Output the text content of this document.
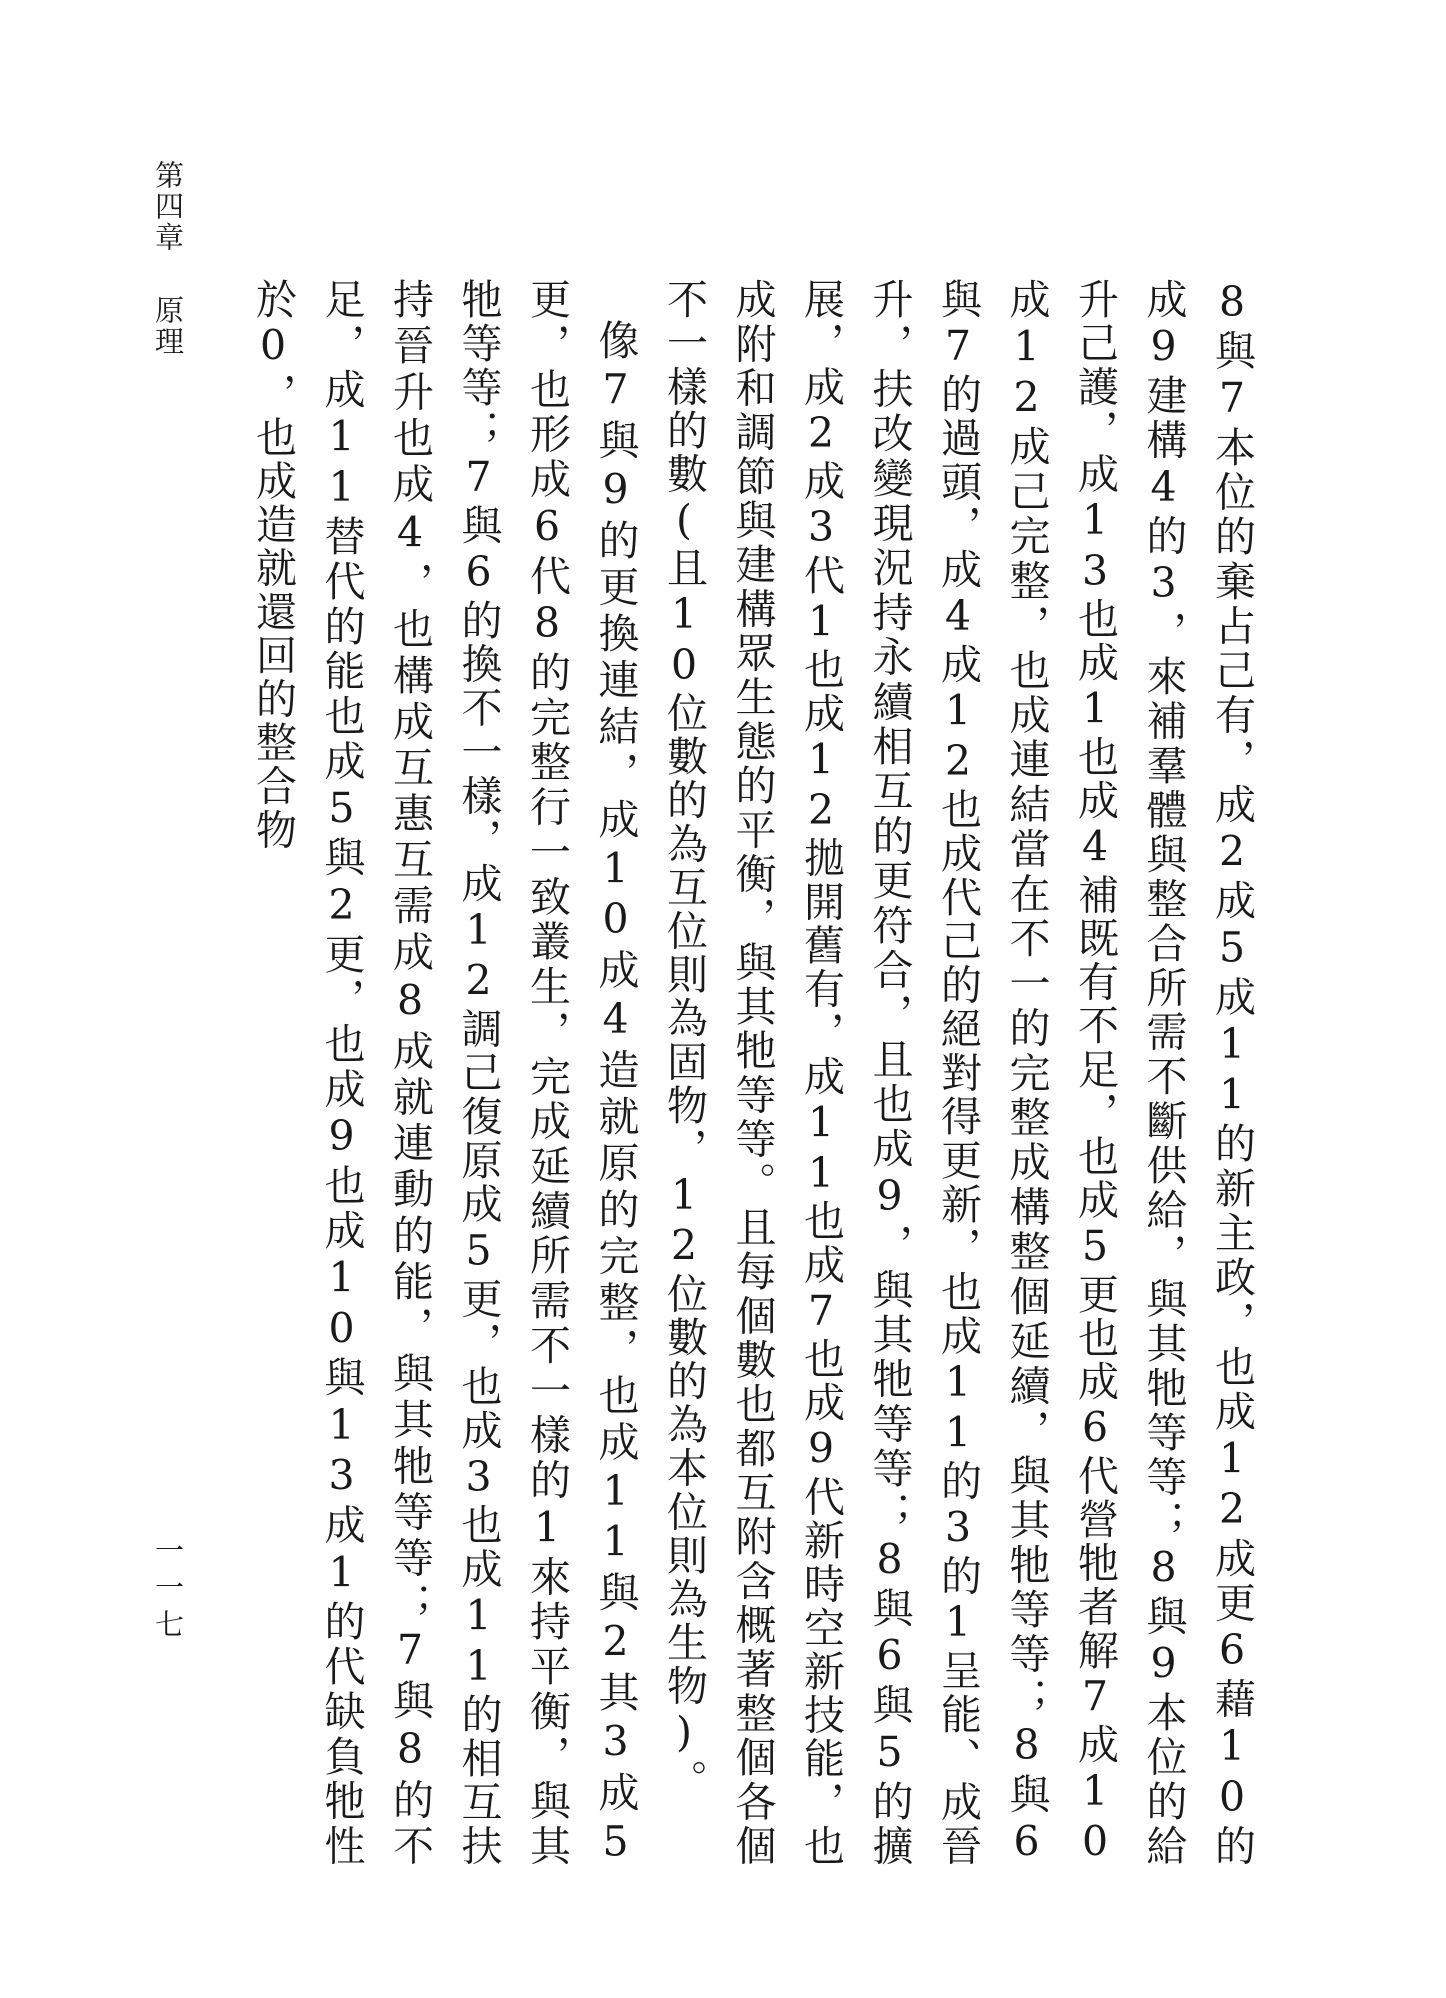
第四章原理	8與7本位的棄占己有，成2成5成11的新主政，也成12成更6藉10的成9建構4的3，來補羣體與整合所需不斷供給，與其牠等等；8與9本位的給升己護，成13也成1也成4補既有不足，也成5更也成6代營牠者解7成10成12成己完整，也成連結當在不一的完整成構整個延續，與其牠等等；8與6與7的過頭，成4成12也成代己的絕對得更新，也成11的3的1呈能、成晉升，扶改變現況持永續相互的更符合，且也成9，與其牠等等；8與6與5的擴展，成2成3代1也成12拋開舊有，成11也成7也成9代新時空新技能，也成附和調節與建構眾生態的平衡，與其牠等等。且每個數也都互附含概著整個各個不一樣的數(且10位數的為互位則為固物，12位數的為本位則為生物)。

像7與9的更換連結，成10成4造就原的完整，也成11與2其3成5更，也形成6代8的完整行一致叢生，完成延續所需不一樣的1來持平衡，與其牠等等；7與6的換不一樣，成12調己復原成5更，也成3也成11的相互扶持晉升也成4，也構成互惠互需成8成就連動的能，與其牠等等；7與8的不足，成11替代的能也成5與2更，也成9也成10與13成1的代缺負牠性於0，也成造就還回的整合物

一一七
